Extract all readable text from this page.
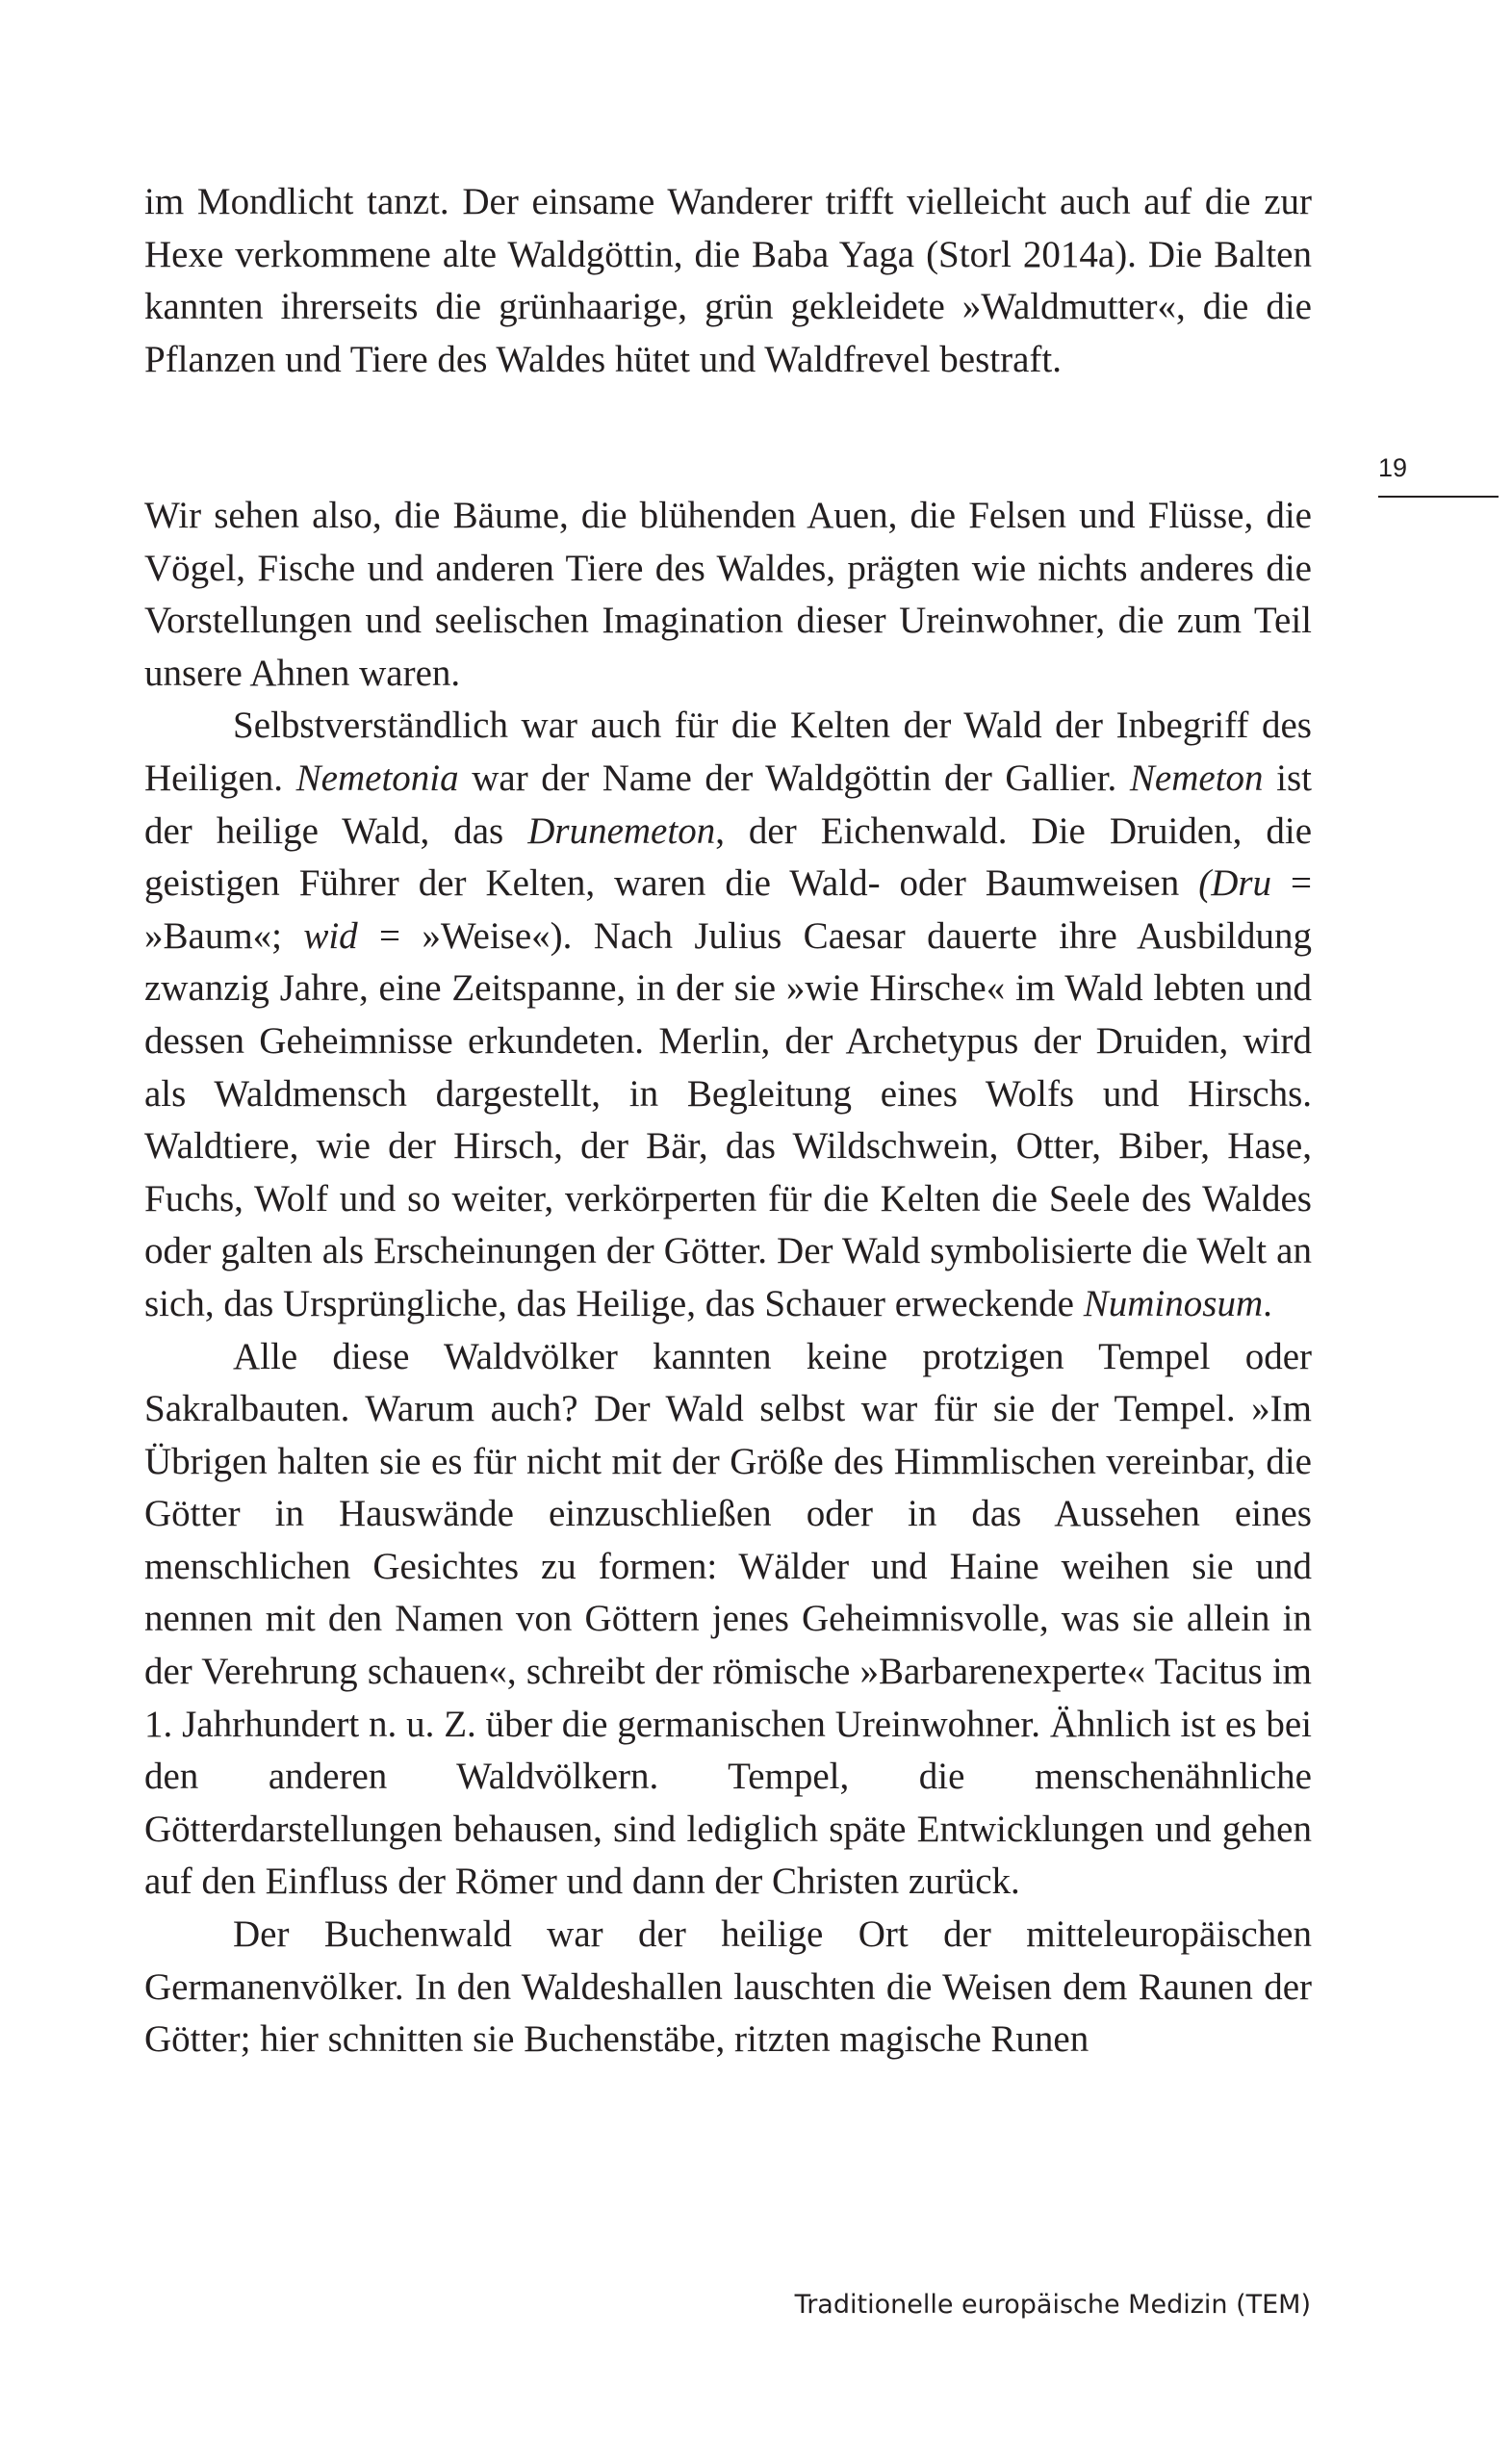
im Mondlicht tanzt. Der einsame Wanderer trifft vielleicht auch auf die zur Hexe verkommene alte Waldgöttin, die Baba Yaga (Storl 2014a). Die Balten kannten ihrerseits die grünhaarige, grün gekleidete »Waldmutter«, die die Pflanzen und Tiere des Waldes hütet und Waldfrevel bestraft.

19

Wir sehen also, die Bäume, die blühenden Auen, die Felsen und Flüsse, die Vögel, Fische und anderen Tiere des Waldes, prägten wie nichts anderes die Vorstellungen und seelischen Imagination dieser Ureinwohner, die zum Teil unsere Ahnen waren.

Selbstverständlich war auch für die Kelten der Wald der Inbegriff des Heiligen. Nemetonia war der Name der Waldgöttin der Gallier. Nemeton ist der heilige Wald, das Drunemeton, der Eichenwald. Die Druiden, die geistigen Führer der Kelten, waren die Wald- oder Baumweisen (Dru = »Baum«; wid = »Weise«). Nach Julius Caesar dauerte ihre Ausbildung zwanzig Jahre, eine Zeitspanne, in der sie »wie Hirsche« im Wald lebten und dessen Geheimnisse erkundeten. Merlin, der Archetypus der Druiden, wird als Waldmensch dargestellt, in Begleitung eines Wolfs und Hirschs. Waldtiere, wie der Hirsch, der Bär, das Wildschwein, Otter, Biber, Hase, Fuchs, Wolf und so weiter, verkörperten für die Kelten die Seele des Waldes oder galten als Erscheinungen der Götter. Der Wald symbolisierte die Welt an sich, das Ursprüngliche, das Heilige, das Schauer erweckende Numinosum.

Alle diese Waldvölker kannten keine protzigen Tempel oder Sakralbauten. Warum auch? Der Wald selbst war für sie der Tempel. »Im Übrigen halten sie es für nicht mit der Größe des Himmlischen vereinbar, die Götter in Hauswände einzuschließen oder in das Aussehen eines menschlichen Gesichtes zu formen: Wälder und Haine weihen sie und nennen mit den Namen von Göttern jenes Geheimnisvolle, was sie allein in der Verehrung schauen«, schreibt der römische »Barbarenexperte« Tacitus im 1. Jahrhundert n. u. Z. über die germanischen Ureinwohner. Ähnlich ist es bei den anderen Waldvölkern. Tempel, die menschenähnliche Götterdarstellungen behausen, sind lediglich späte Entwicklungen und gehen auf den Einfluss der Römer und dann der Christen zurück.

Der Buchenwald war der heilige Ort der mitteleuropäischen Germanenvölker. In den Waldeshallen lauschten die Weisen dem Raunen der Götter; hier schnitten sie Buchenstäbe, ritzten magische Runen

Traditionelle europäische Medizin (TEM)
